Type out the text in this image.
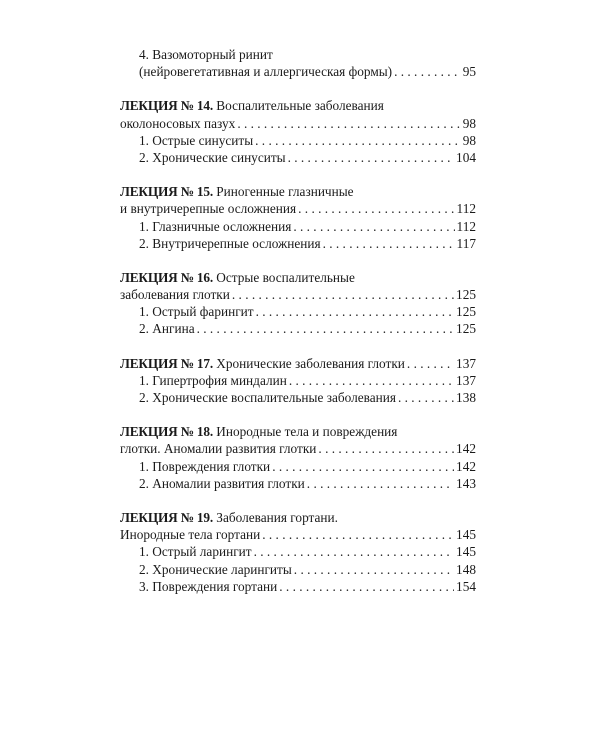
4. Вазомоторный ринит
(нейровегетативная и аллергическая формы) . . .	95
ЛЕКЦИЯ № 14. Воспалительные заболевания
околоносовых пазух . . .	98
1. Острые синуситы . . .	98
2. Хронические синуситы . . .	104
ЛЕКЦИЯ № 15. Риногенные глазничные
и внутричерепные осложнения . . .	112
1. Глазничные осложнения . . .	112
2. Внутричерепные осложнения . . .	117
ЛЕКЦИЯ № 16. Острые воспалительные
заболевания глотки . . .	125
1. Острый фарингит . . .	125
2. Ангина . . .	125
ЛЕКЦИЯ № 17. Хронические заболевания глотки . . .	137
1. Гипертрофия миндалин . . .	137
2. Хронические воспалительные заболевания . . .	138
ЛЕКЦИЯ № 18. Инородные тела и повреждения
глотки. Аномалии развития глотки . . .	142
1. Повреждения глотки . . .	142
2. Аномалии развития глотки . . .	143
ЛЕКЦИЯ № 19. Заболевания гортани.
Инородные тела гортани . . .	145
1. Острый ларингит . . .	145
2. Хронические ларингиты . . .	148
3. Повреждения гортани . . .	154
